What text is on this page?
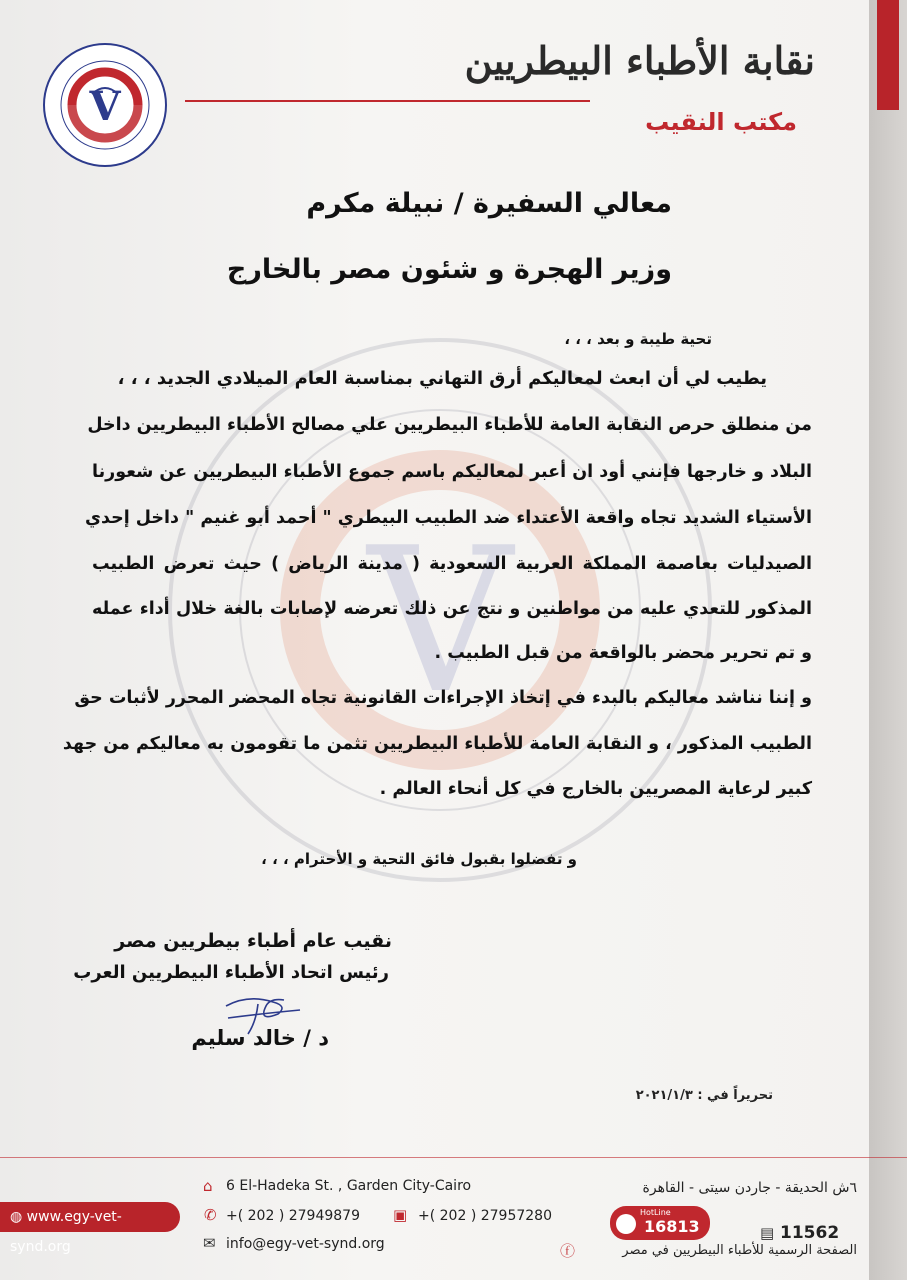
V
نقابة الأطباء البيطريين
مكتب النقيب
V
معالي السفيرة / نبيلة مكرم
وزير الهجرة و شئون مصر بالخارج
تحية طيبة و بعد ، ، ،
يطيب لي أن ابعث لمعاليكم أرق التهاني بمناسبة العام الميلادي الجديد ، ، ،
من منطلق حرص النقابة العامة للأطباء البيطريين علي مصالح الأطباء البيطريين داخل
البلاد و خارجها فإنني أود ان أعبر لمعاليكم باسم جموع الأطباء البيطريين عن شعورنا
الأستياء الشديد تجاه واقعة الأعتداء ضد الطبيب البيطري " أحمد أبو غنيم " داخل إحدي
الصيدليات بعاصمة المملكة العربية السعودية ( مدينة الرياض ) حيث تعرض الطبيب
المذكور للتعدي عليه من مواطنين و نتج عن ذلك تعرضه لإصابات بالغة خلال أداء عمله
و تم تحرير محضر بالواقعة من قبل الطبيب .
و إننا نناشد معاليكم بالبدء في إتخاذ الإجراءات القانونية تجاه المحضر المحرر لأثبات حق
الطبيب المذكور ، و النقابة العامة للأطباء البيطريين تثمن ما تقومون به معاليكم من جهد
كبير لرعاية المصريين بالخارج في كل أنحاء العالم .
و تفضلوا بقبول فائق التحية و الأحترام ، ، ،
نقيب عام أطباء بيطريين مصر
رئيس اتحاد الأطباء البيطريين العرب
د / خالد سليم
تحريراً في : ٢٠٢١/١/٣
◍ www.egy-vet-synd.org
⌂ 6 El-Hadeka St. , Garden City-Cairo
✆ +( 202 ) 27949879 ▣ +( 202 ) 27957280
✉ info@egy-vet-synd.org
٦ش الحديقة - جاردن سيتى - القاهرة
HotLine
16813	▤ 11562
الصفحة الرسمية للأطباء البيطريين في مصر
ⓕ
